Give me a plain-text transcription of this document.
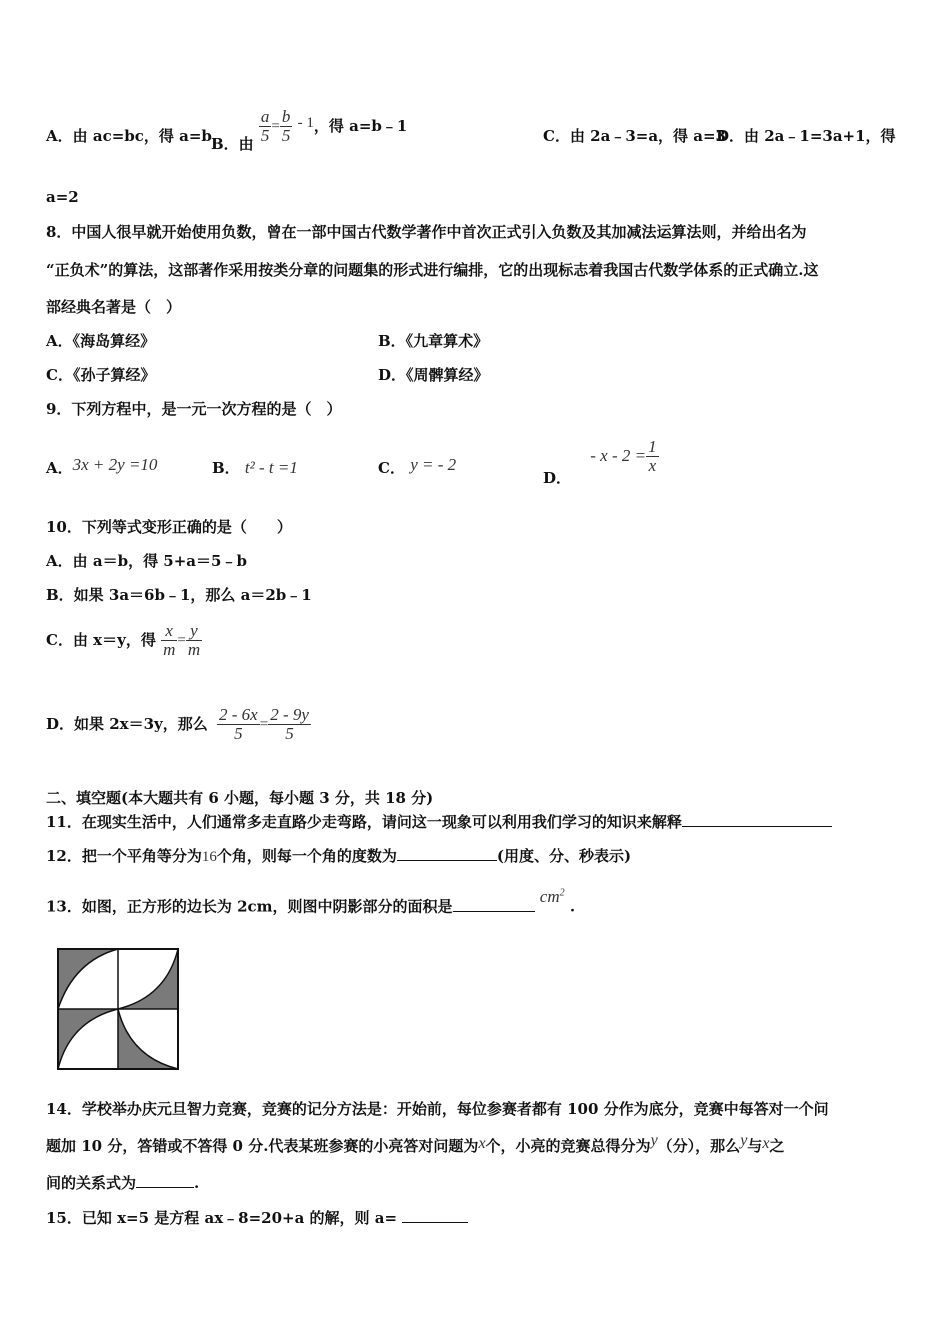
A．由 ac=bc，得 a=b B．由 $\frac{a}{5} = \frac{b}{5} - 1$，得 a=b﹣1
C．由 2a﹣3=a，得 a=3
D．由 2a﹣1=3a+1，得
a=2
8．中国人很早就开始使用负数，曾在一部中国古代数学著作中首次正式引入负数及其加减法运算法则，并给出名为
“正负术”的算法，这部著作采用按类分章的问题集的形式进行编排，它的出现标志着我国古代数学体系的正式确立.这
部经典名著是（　）
A．《海岛算经》	B．《九章算术》
C．《孙子算经》	D．《周髀算经》
9．下列方程中，是一元一次方程的是（　）
A．3x + 2y =10	B． t² - t =1	C． y = - 2
D． - $x - 2 = \frac{1}{x}$
10．下列等式变形正确的是（　　）
A．由 a＝b，得 5+a＝5﹣b
B．如果 3a＝6b﹣1，那么 a＝2b﹣1
C．由 x＝y，得 $\frac{x}{m} = \frac{y}{m}$
D．如果 2x＝3y，那么 $\frac{2 - 6x}{5} = \frac{2 - 9y}{5}$
二、填空题(本大题共有 6 小题，每小题 3 分，共 18 分)
11．在现实生活中，人们通常多走直路少走弯路，请问这一现象可以利用我们学习的知识来解释
12．把一个平角等分为16个角，则每一个角的度数为	(用度、分、秒表示)
13．如图，正方形的边长为 2cm，则图中阴影部分的面积是 $cm^2$ .
14．学校举办庆元旦智力竞赛，竞赛的记分方法是：开始前，每位参赛者都有 100 分作为底分，竞赛中每答对一个问
题加 10 分，答错或不答得 0 分.代表某班参赛的小亮答对问题为x个，小亮的竞赛总得分为y（分），那么y与x之
间的关系式为	.
15．已知 x=5 是方程 ax﹣8=20+a 的解，则 a=
